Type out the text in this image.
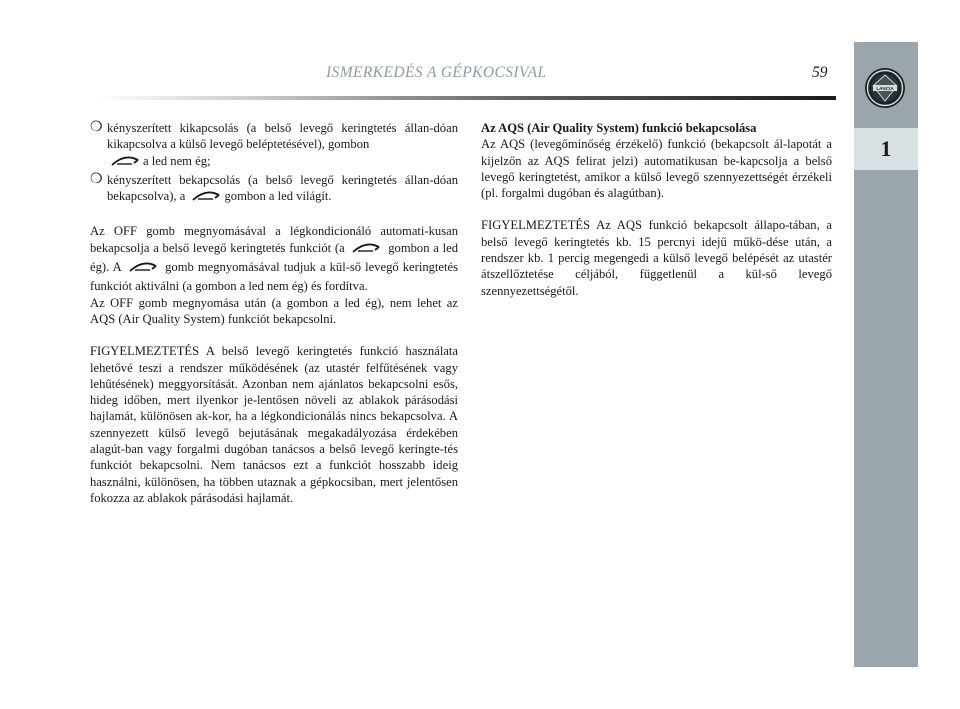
ISMERKEDÉS A GÉPKOCSIVAL	59
1
LANCIA
❍ kényszerített kikapcsolás (a belső levegő keringtetés állan-dóan kikapcsolva a külső levegő beléptetésével), gombon
a led nem ég;
❍ kényszerített bekapcsolás (a belső levegő keringtetés állan-dóan bekapcsolva), a	gombon a led világít.

Az OFF gomb megnyomásával a légkondicionáló automati-kusan bekapcsolja a belső levegő keringtetés funkciót (a	gombon a led ég). A	gomb megnyomásával tudjuk a kül-ső levegő keringtetés funkciót aktiválni (a gombon a led nem ég) és fordítva.

Az OFF gomb megnyomása után (a gombon a led ég), nem lehet az AQS (Air Quality System) funkciót bekapcsolni.

FIGYELMEZTETÉS A belső levegő keringtetés funkció használata lehetővé teszi a rendszer működésének (az utastér felfűtésének vagy lehűtésének) meggyorsítását. Azonban nem ajánlatos bekapcsolni esős, hideg időben, mert ilyenkor je-lentősen növeli az ablakok párásodási hajlamát, különösen ak-kor, ha a légkondicionálás nincs bekapcsolva. A szennyezett külső levegő bejutásának megakadályozása érdekében alagút-ban vagy forgalmi dugóban tanácsos a belső levegő keringte-tés funkciót bekapcsolni. Nem tanácsos ezt a funkciót hosszabb ideig használni, különösen, ha többen utaznak a gépkocsiban, mert jelentősen fokozza az ablakok párásodási hajlamát.

Az AQS (Air Quality System) funkció bekapcsolása

Az AQS (levegőminőség érzékelő) funkció (bekapcsolt ál-lapotát a kijelzőn az AQS felirat jelzi) automatikusan be-kapcsolja a belső levegő keringtetést, amikor a külső levegő szennyezettségét érzékeli (pl. forgalmi dugóban és alagútban).

FIGYELMEZTETÉS Az AQS funkció bekapcsolt állapo-tában, a belső levegő keringtetés kb. 15 percnyi idejű műkö-dése után, a rendszer kb. 1 percig megengedi a külső levegő belépését az utastér átszellőztetése céljából, függetlenül a kül-ső levegő szennyezettségétől.
